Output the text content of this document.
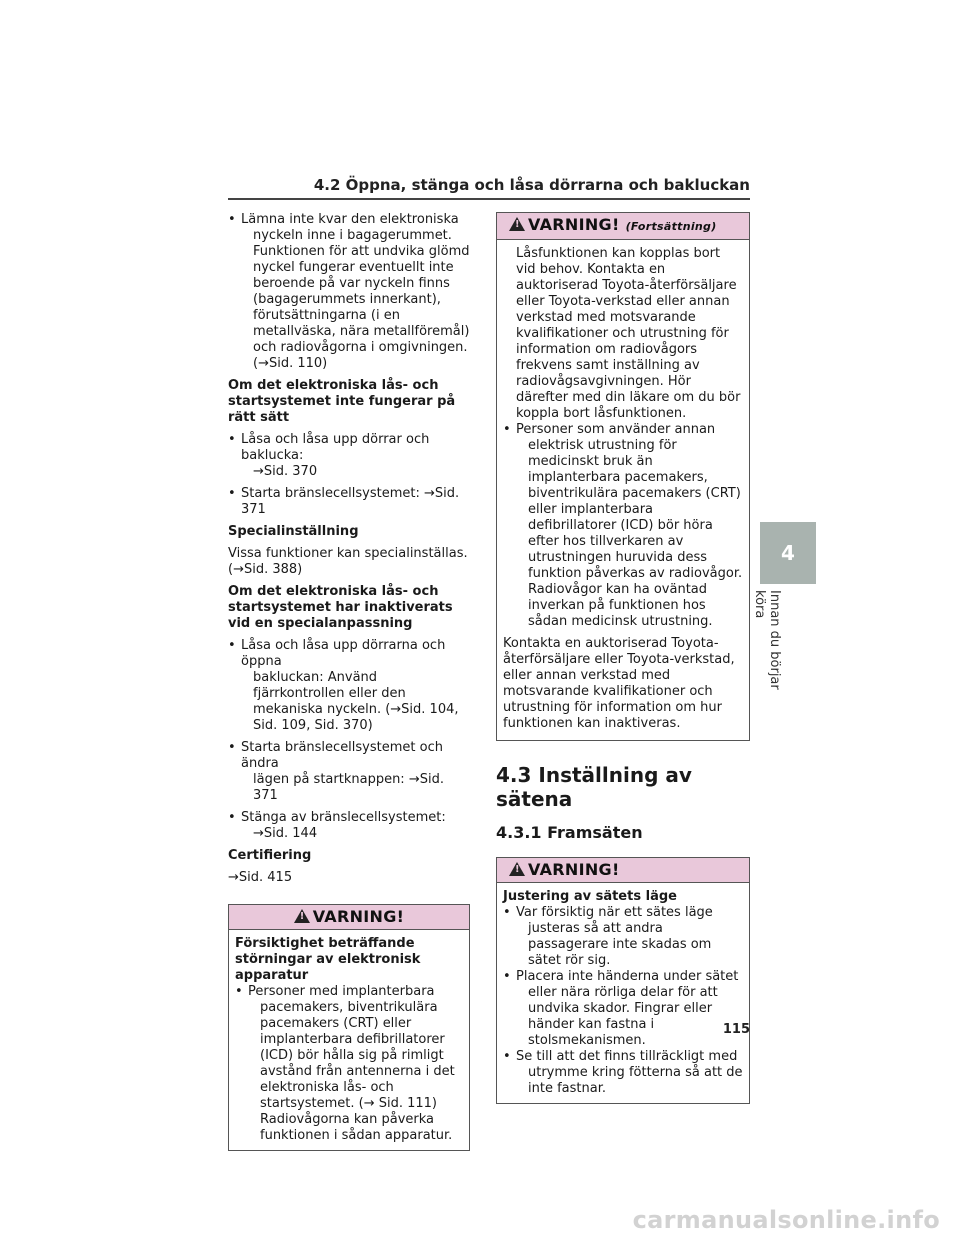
4.2 Öppna, stänga och låsa dörrarna och bakluckan
• Lämna inte kvar den elektroniska
nyckeln inne i bagagerummet. Funktionen för att undvika glömd nyckel fungerar eventuellt inte beroende på var nyckeln finns (bagagerummets innerkant), förutsättningarna (i en metallväska, nära metallföremål) och radiovågorna i omgivningen. (→Sid. 110)
Om det elektroniska lås- och startsystemet inte fungerar på rätt sätt
• Låsa och låsa upp dörrar och baklucka:
→Sid. 370
• Starta bränslecellsystemet: →Sid. 371
Specialinställning
Vissa funktioner kan specialinställas. (→Sid. 388)
Om det elektroniska lås- och startsystemet har inaktiverats vid en specialanpassning
• Låsa och låsa upp dörrarna och öppna
bakluckan: Använd fjärrkontrollen eller den mekaniska nyckeln. (→Sid. 104, Sid. 109, Sid. 370)
• Starta bränslecellsystemet och ändra
lägen på startknappen: →Sid. 371
• Stänga av bränslecellsystemet:
→Sid. 144
Certifiering
→Sid. 415
!VARNING!
Försiktighet beträffande störningar av elektronisk apparatur
• Personer med implanterbara
pacemakers, biventrikulära pacemakers (CRT) eller implanterbara defibrillatorer (ICD) bör hålla sig på rimligt avstånd från antennerna i det elektroniska lås- och startsystemet. (→ Sid. 111) Radiovågorna kan påverka funktionen i sådan apparatur.
!VARNING! (Fortsättning)
Låsfunktionen kan kopplas bort vid behov. Kontakta en auktoriserad Toyota-återförsäljare eller Toyota-verkstad eller annan verkstad med motsvarande kvalifikationer och utrustning för information om radiovågors frekvens samt inställning av radiovågsavgivningen. Hör därefter med din läkare om du bör koppla bort låsfunktionen.
• Personer som använder annan
elektrisk utrustning för medicinskt bruk än implanterbara pacemakers, biventrikulära pacemakers (CRT) eller implanterbara defibrillatorer (ICD) bör höra efter hos tillverkaren av utrustningen huruvida dess funktion påverkas av radiovågor. Radiovågor kan ha oväntad inverkan på funktionen hos sådan medicinsk utrustning.
Kontakta en auktoriserad Toyota-återförsäljare eller Toyota-verkstad, eller annan verkstad med motsvarande kvalifikationer och utrustning för information om hur funktionen kan inaktiveras.
4.3 Inställning av sätena
4.3.1 Framsäten
!VARNING!
Justering av sätets läge
• Var försiktig när ett sätes läge
justeras så att andra passagerare inte skadas om sätet rör sig.
• Placera inte händerna under sätet
eller nära rörliga delar för att undvika skador. Fingrar eller händer kan fastna i stolsmekanismen.
• Se till att det finns tillräckligt med
utrymme kring fötterna så att de inte fastnar.
4
Innan du börjar köra
115
carmanualsonline.info
